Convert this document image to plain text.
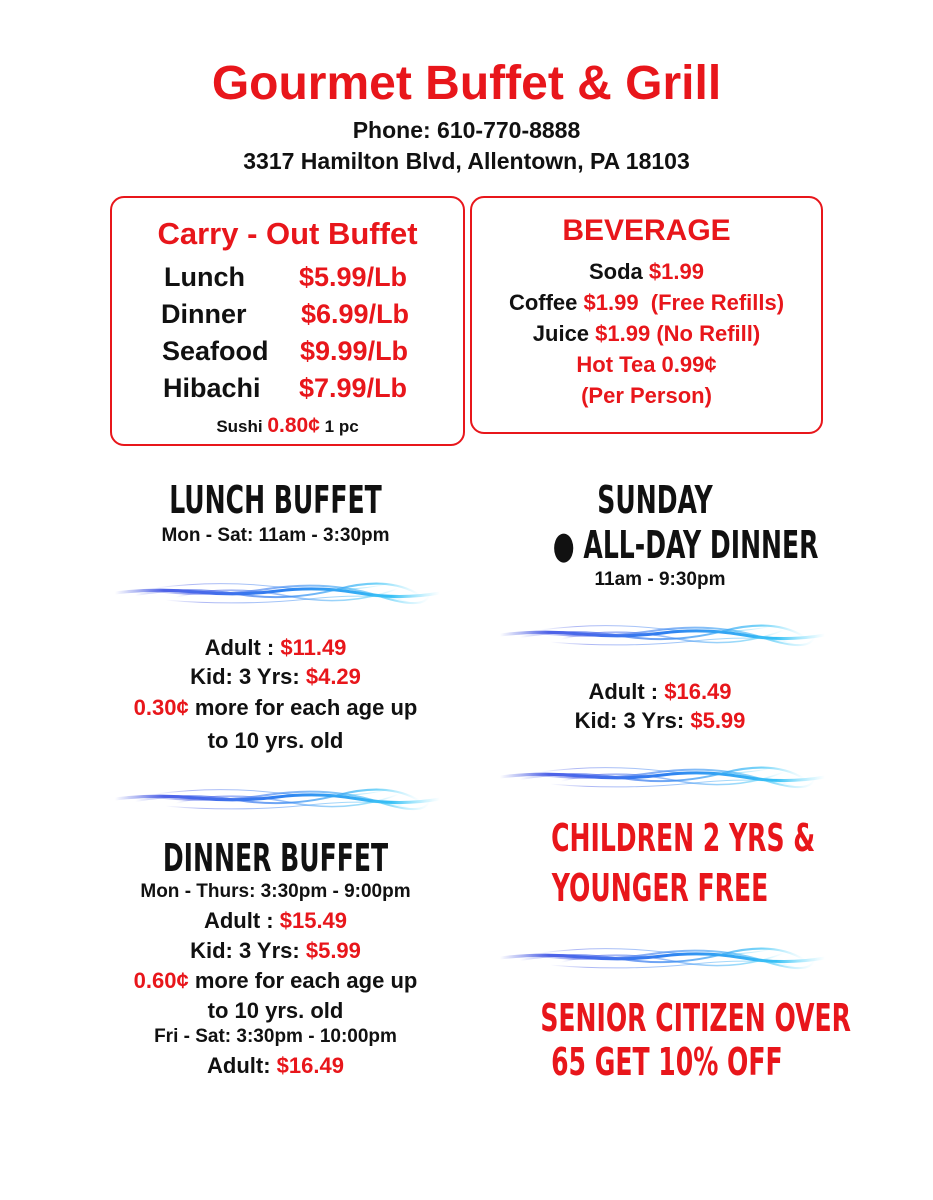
Gourmet Buffet & Grill
Phone: 610-770-8888
3317 Hamilton Blvd, Allentown, PA 18103
Carry - Out Buffet
Lunch $5.99/Lb
Dinner $6.99/Lb
Seafood $9.99/Lb
Hibachi $7.99/Lb
Sushi 0.80¢ 1 pc
BEVERAGE
Soda $1.99
Coffee $1.99  (Free Refills)
Juice $1.99 (No Refill)
Hot Tea 0.99¢
(Per Person)
LUNCH BUFFET
Mon - Sat: 11am - 3:30pm
Adult : $11.49
Kid: 3 Yrs: $4.29
0.30¢ more for each age up
to 10 yrs. old
DINNER BUFFET
Mon - Thurs: 3:30pm - 9:00pm
Adult : $15.49
Kid: 3 Yrs: $5.99
0.60¢ more for each age up
to 10 yrs. old
Fri - Sat: 3:30pm - 10:00pm
Adult: $16.49
SUNDAY
● ALL-DAY DINNER
11am - 9:30pm
Adult : $16.49
Kid: 3 Yrs: $5.99
CHILDREN 2 YRS &
YOUNGER FREE
SENIOR CITIZEN OVER
65 GET 10% OFF
